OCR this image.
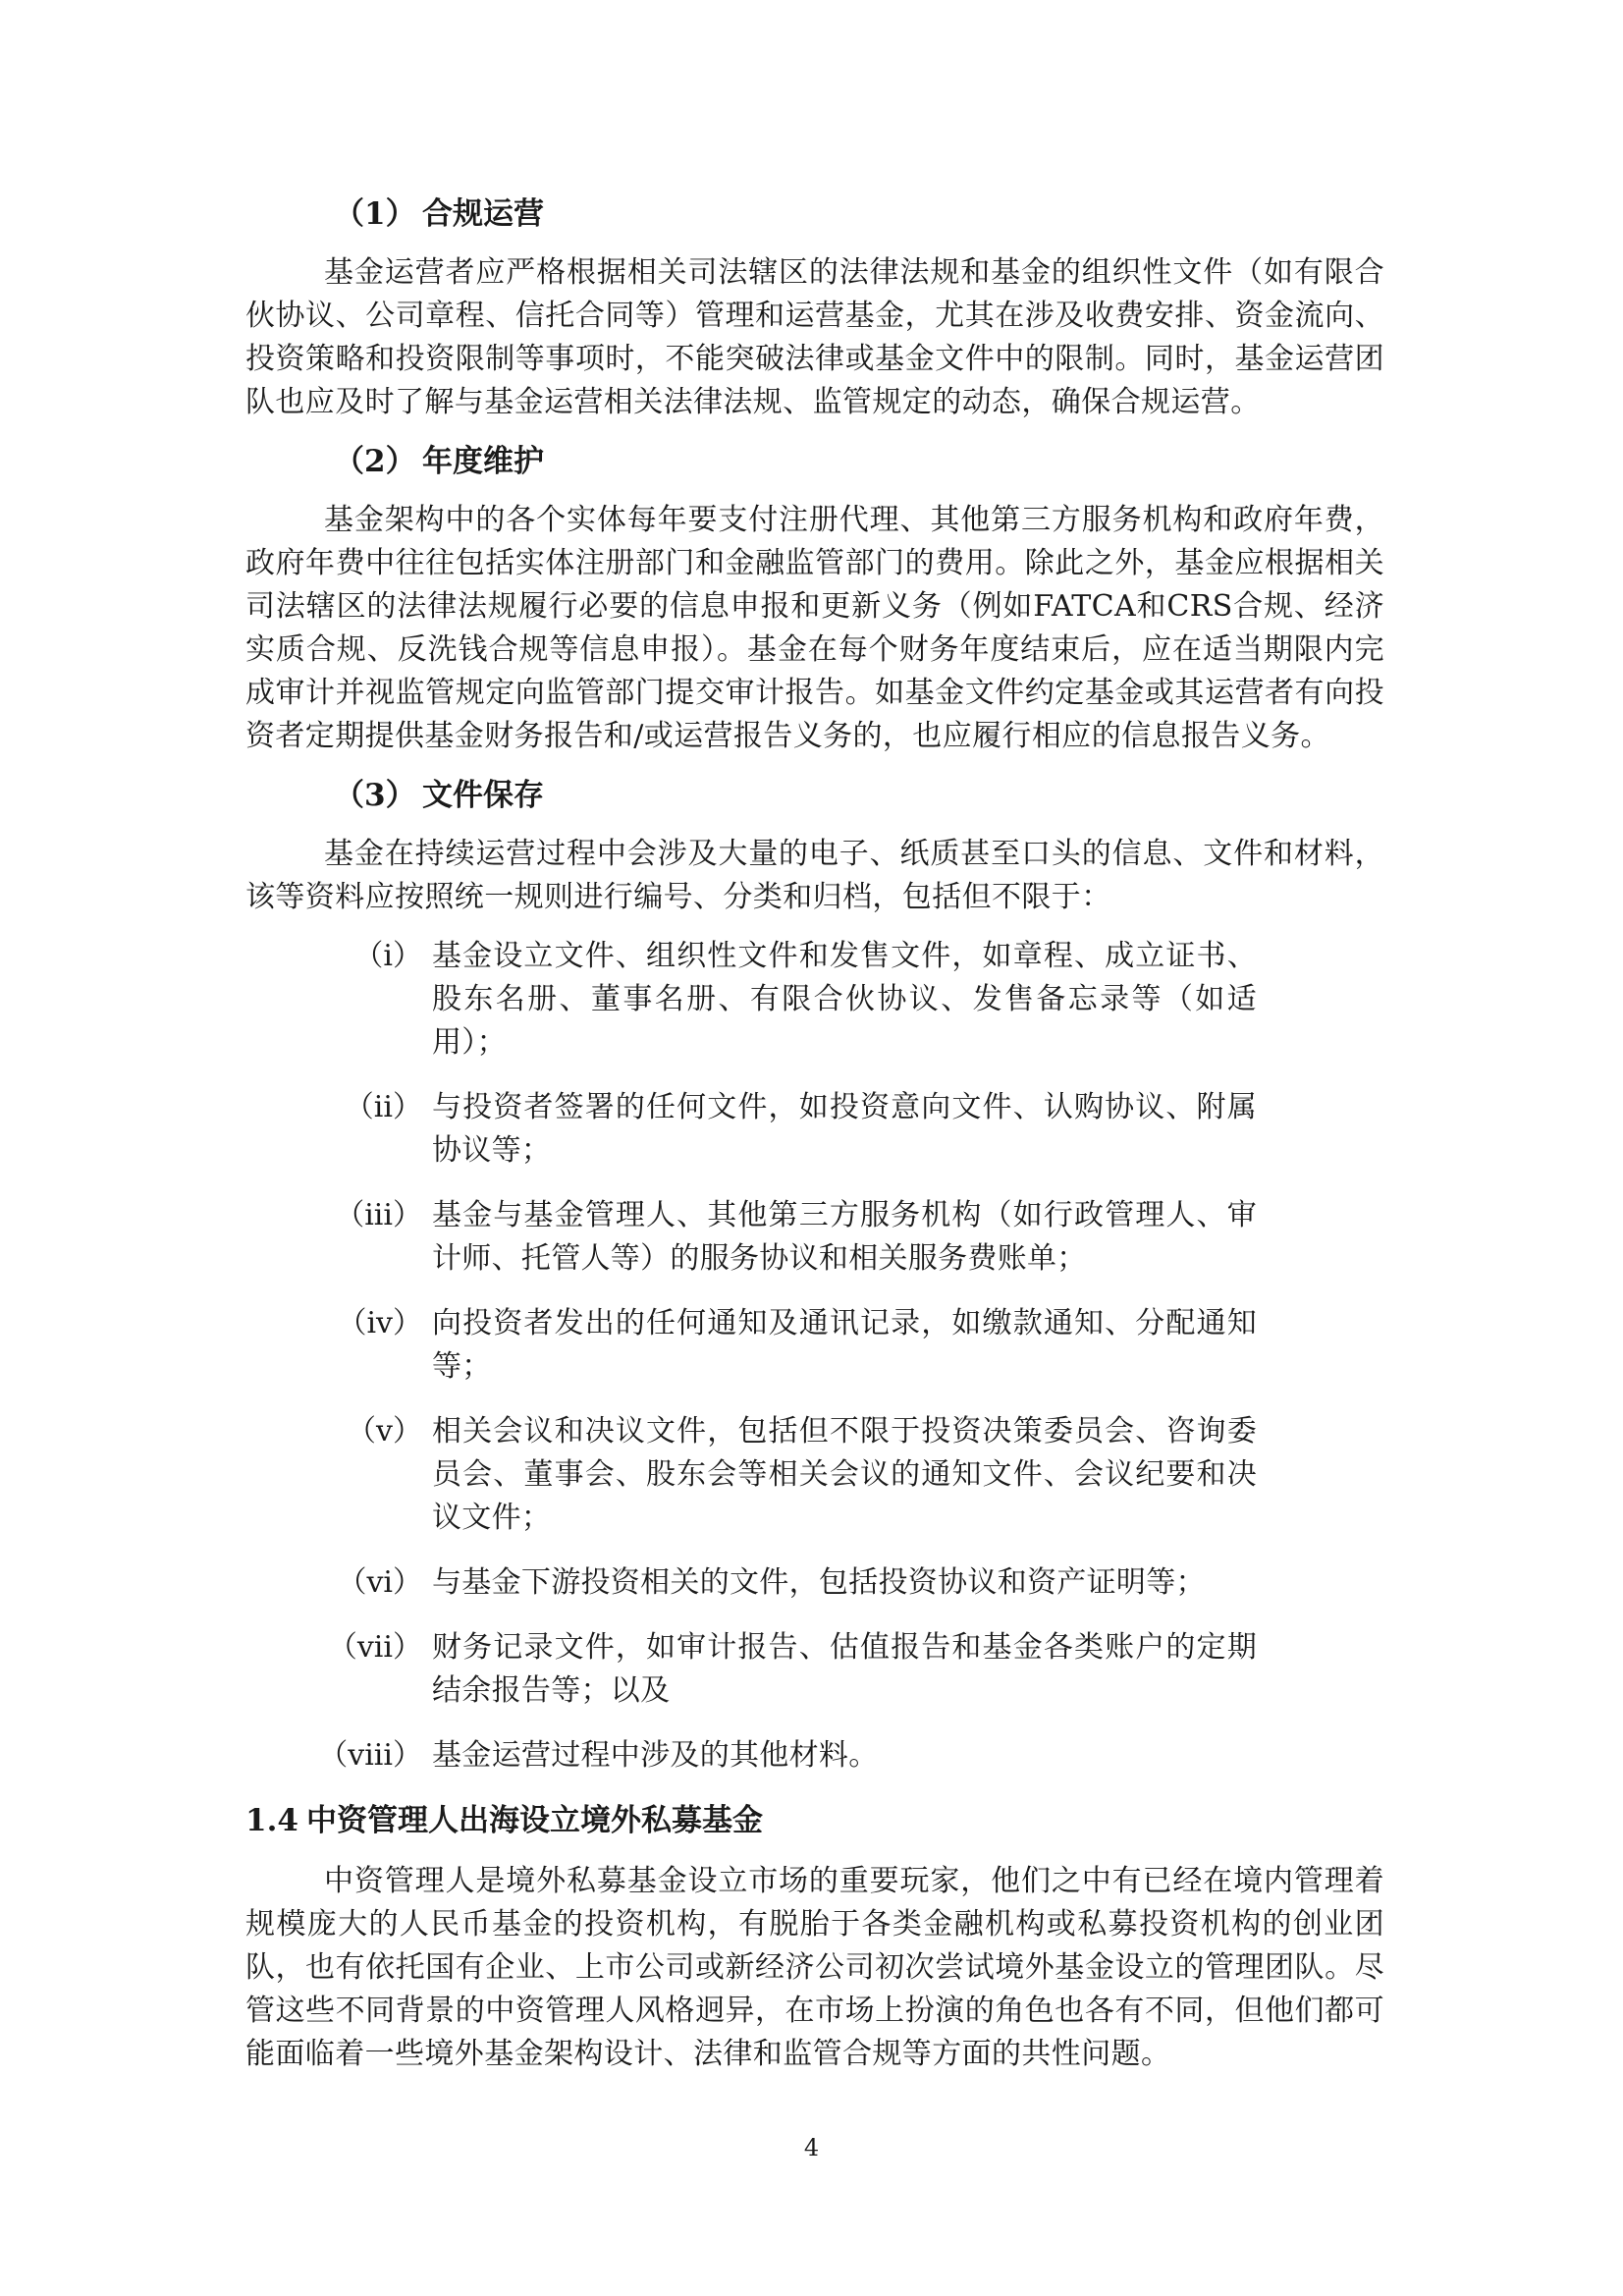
（1） 合规运营

基金运营者应严格根据相关司法辖区的法律法规和基金的组织性文件（如有限合伙协议、公司章程、信托合同等）管理和运营基金，尤其在涉及收费安排、资金流向、投资策略和投资限制等事项时，不能突破法律或基金文件中的限制。同时，基金运营团队也应及时了解与基金运营相关法律法规、监管规定的动态，确保合规运营。

（2） 年度维护

基金架构中的各个实体每年要支付注册代理、其他第三方服务机构和政府年费，政府年费中往往包括实体注册部门和金融监管部门的费用。除此之外，基金应根据相关司法辖区的法律法规履行必要的信息申报和更新义务（例如FATCA和CRS合规、经济实质合规、反洗钱合规等信息申报）。基金在每个财务年度结束后，应在适当期限内完成审计并视监管规定向监管部门提交审计报告。如基金文件约定基金或其运营者有向投资者定期提供基金财务报告和/或运营报告义务的，也应履行相应的信息报告义务。

（3） 文件保存

基金在持续运营过程中会涉及大量的电子、纸质甚至口头的信息、文件和材料，该等资料应按照统一规则进行编号、分类和归档，包括但不限于：

（i） 基金设立文件、组织性文件和发售文件，如章程、成立证书、股东名册、董事名册、有限合伙协议、发售备忘录等（如适用）；
（ii） 与投资者签署的任何文件，如投资意向文件、认购协议、附属协议等；
（iii） 基金与基金管理人、其他第三方服务机构（如行政管理人、审计师、托管人等）的服务协议和相关服务费账单；
（iv） 向投资者发出的任何通知及通讯记录，如缴款通知、分配通知等；
（v） 相关会议和决议文件，包括但不限于投资决策委员会、咨询委员会、董事会、股东会等相关会议的通知文件、会议纪要和决议文件；
（vi） 与基金下游投资相关的文件，包括投资协议和资产证明等；
（vii） 财务记录文件，如审计报告、估值报告和基金各类账户的定期结余报告等；以及
（viii） 基金运营过程中涉及的其他材料。
1.4 中资管理人出海设立境外私募基金

中资管理人是境外私募基金设立市场的重要玩家，他们之中有已经在境内管理着规模庞大的人民币基金的投资机构，有脱胎于各类金融机构或私募投资机构的创业团队，也有依托国有企业、上市公司或新经济公司初次尝试境外基金设立的管理团队。尽管这些不同背景的中资管理人风格迥异，在市场上扮演的角色也各有不同，但他们都可能面临着一些境外基金架构设计、法律和监管合规等方面的共性问题。

4
